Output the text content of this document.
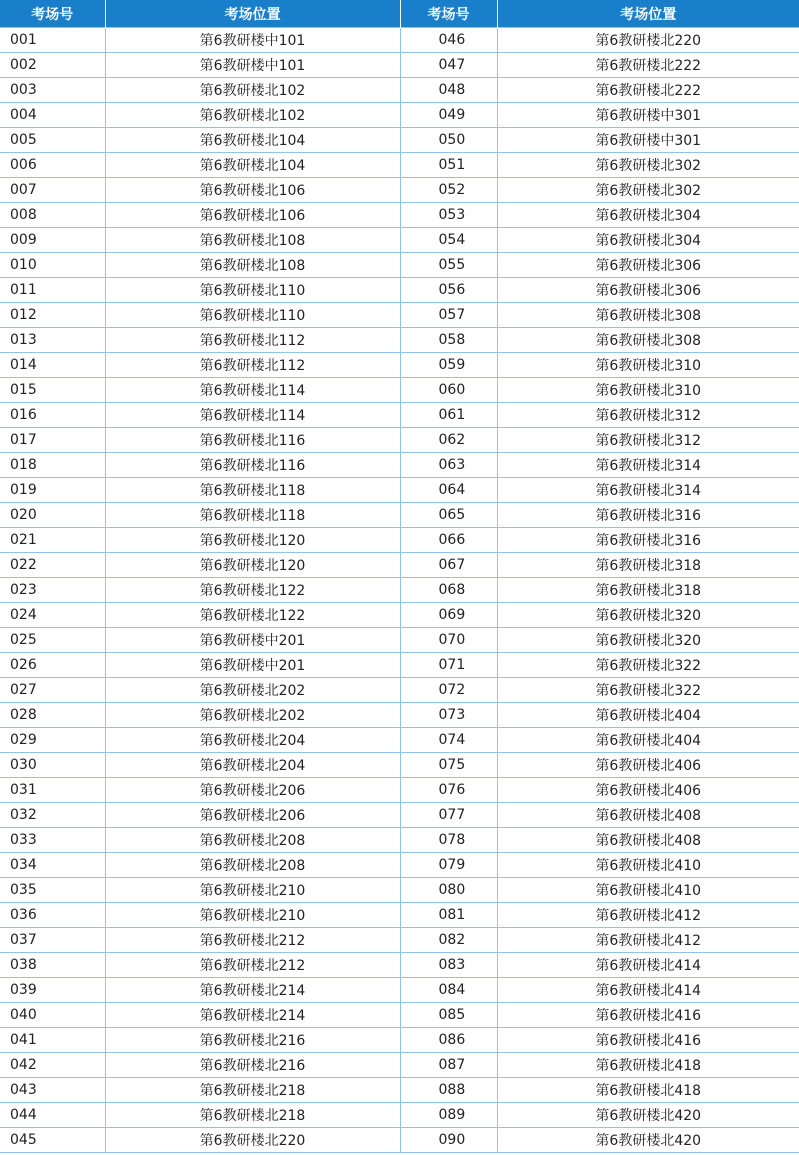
考场号	考场位置	考场号	考场位置
001	第6教研楼中101	046	第6教研楼北220
002	第6教研楼中101	047	第6教研楼北222
003	第6教研楼北102	048	第6教研楼北222
004	第6教研楼北102	049	第6教研楼中301
005	第6教研楼北104	050	第6教研楼中301
006	第6教研楼北104	051	第6教研楼北302
007	第6教研楼北106	052	第6教研楼北302
008	第6教研楼北106	053	第6教研楼北304
009	第6教研楼北108	054	第6教研楼北304
010	第6教研楼北108	055	第6教研楼北306
011	第6教研楼北110	056	第6教研楼北306
012	第6教研楼北110	057	第6教研楼北308
013	第6教研楼北112	058	第6教研楼北308
014	第6教研楼北112	059	第6教研楼北310
015	第6教研楼北114	060	第6教研楼北310
016	第6教研楼北114	061	第6教研楼北312
017	第6教研楼北116	062	第6教研楼北312
018	第6教研楼北116	063	第6教研楼北314
019	第6教研楼北118	064	第6教研楼北314
020	第6教研楼北118	065	第6教研楼北316
021	第6教研楼北120	066	第6教研楼北316
022	第6教研楼北120	067	第6教研楼北318
023	第6教研楼北122	068	第6教研楼北318
024	第6教研楼北122	069	第6教研楼北320
025	第6教研楼中201	070	第6教研楼北320
026	第6教研楼中201	071	第6教研楼北322
027	第6教研楼北202	072	第6教研楼北322
028	第6教研楼北202	073	第6教研楼北404
029	第6教研楼北204	074	第6教研楼北404
030	第6教研楼北204	075	第6教研楼北406
031	第6教研楼北206	076	第6教研楼北406
032	第6教研楼北206	077	第6教研楼北408
033	第6教研楼北208	078	第6教研楼北408
034	第6教研楼北208	079	第6教研楼北410
035	第6教研楼北210	080	第6教研楼北410
036	第6教研楼北210	081	第6教研楼北412
037	第6教研楼北212	082	第6教研楼北412
038	第6教研楼北212	083	第6教研楼北414
039	第6教研楼北214	084	第6教研楼北414
040	第6教研楼北214	085	第6教研楼北416
041	第6教研楼北216	086	第6教研楼北416
042	第6教研楼北216	087	第6教研楼北418
043	第6教研楼北218	088	第6教研楼北418
044	第6教研楼北218	089	第6教研楼北420
045	第6教研楼北220	090	第6教研楼北420
